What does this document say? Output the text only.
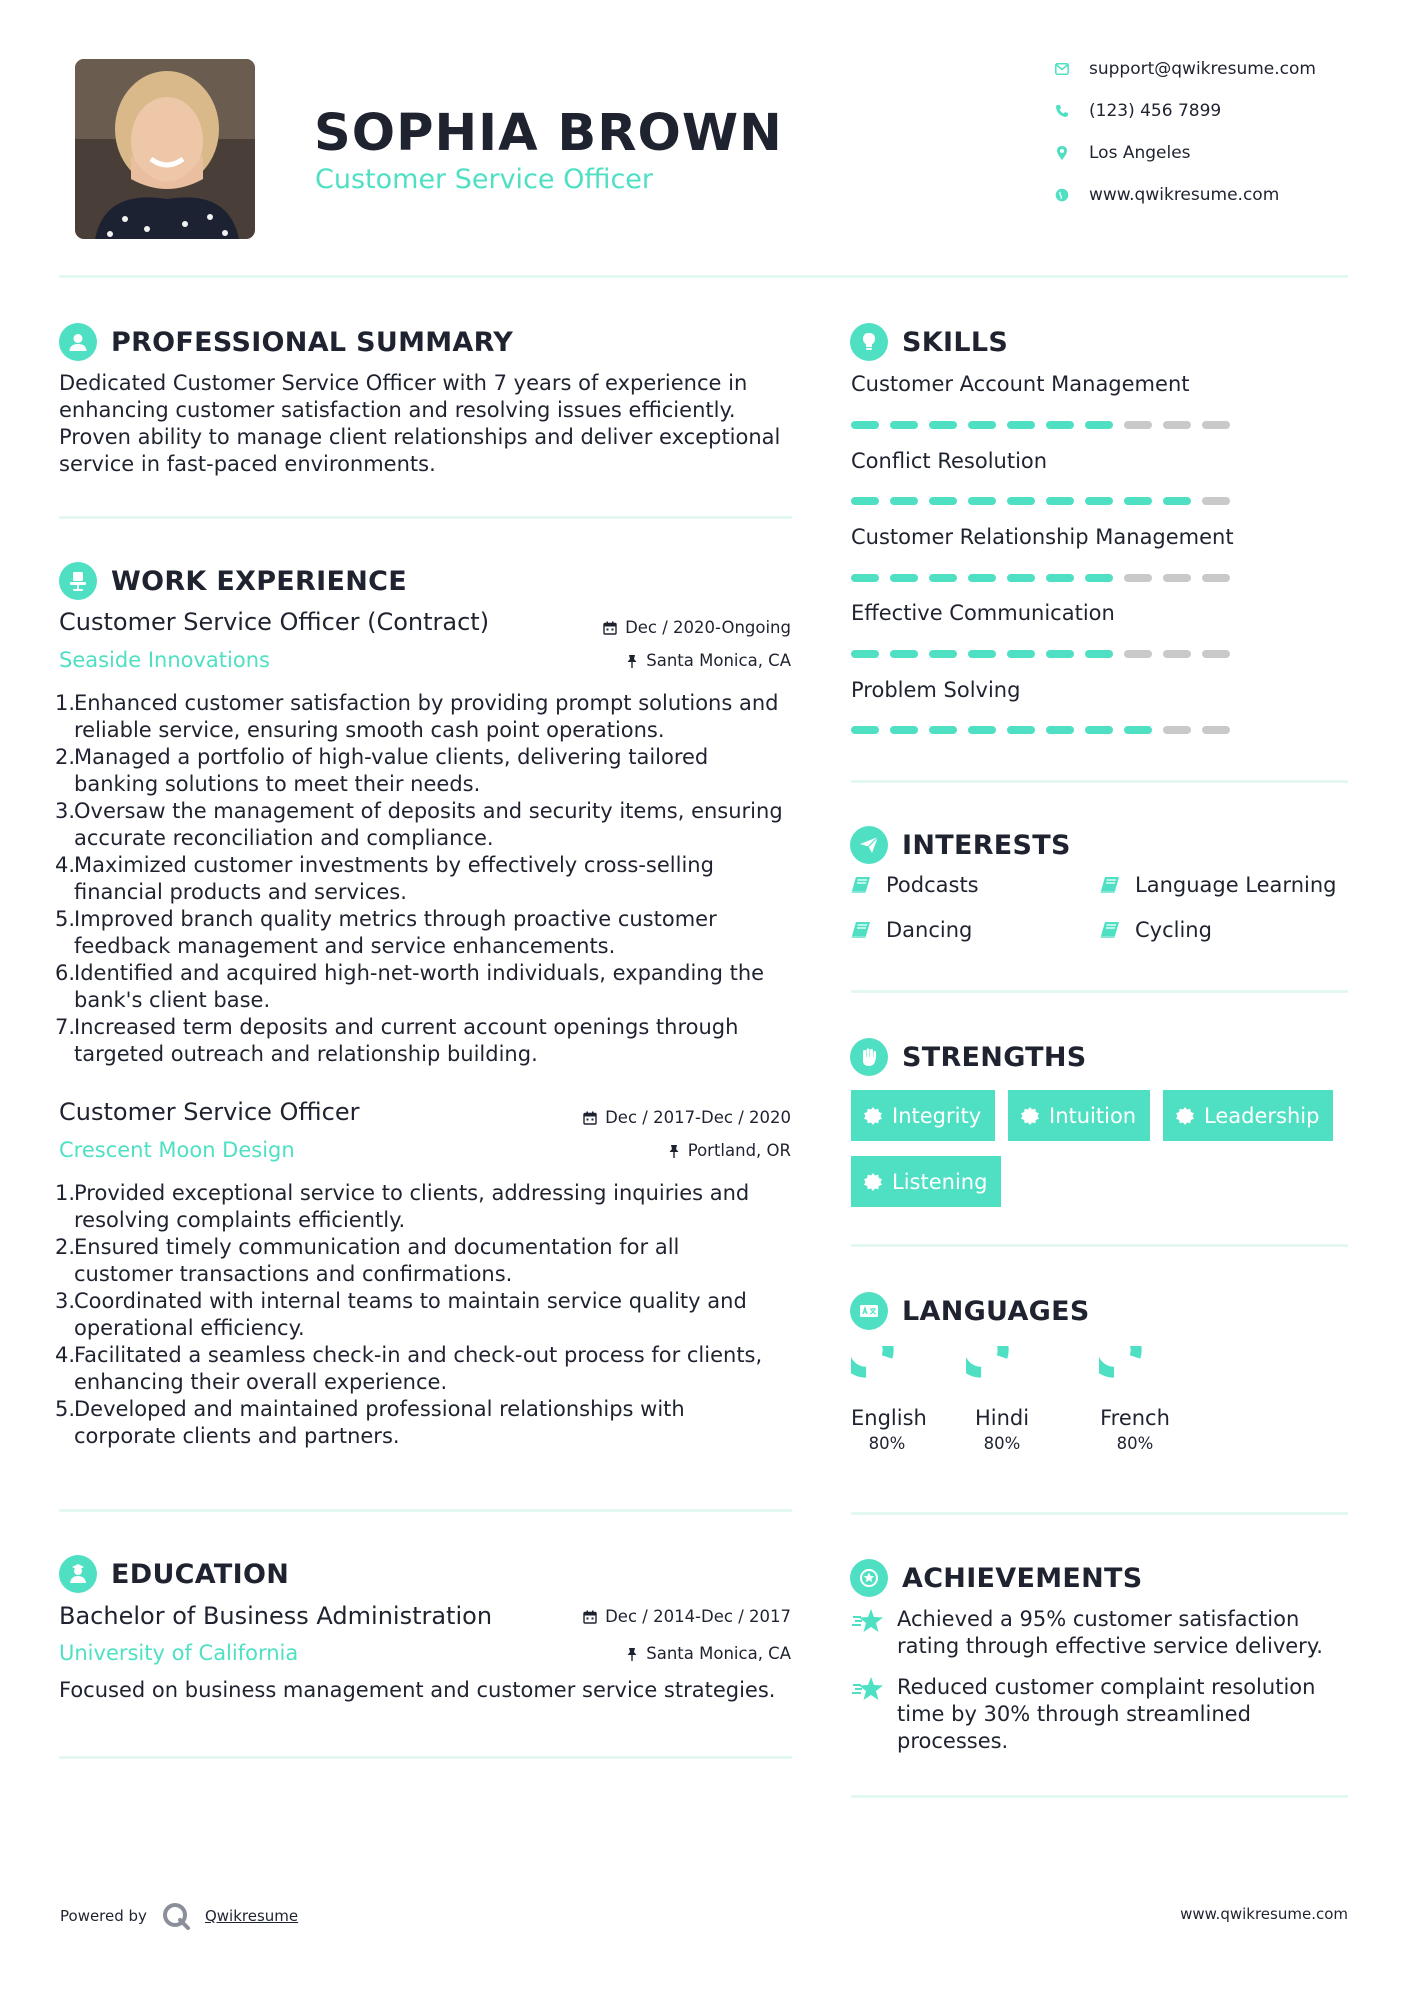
SOPHIA BROWN
Customer Service Officer
support@qwikresume.com
(123) 456 7899
Los Angeles
www.qwikresume.com
PROFESSIONAL SUMMARY
Dedicated Customer Service Officer with 7 years of experience in
enhancing customer satisfaction and resolving issues efficiently.
Proven ability to manage client relationships and deliver exceptional
service in fast-paced environments.
WORK EXPERIENCE
Customer Service Officer (Contract)	Dec / 2020-Ongoing
Seaside Innovations	Santa Monica, CA
1.
Enhanced customer satisfaction by providing prompt solutions and
reliable service, ensuring smooth cash point operations.
2.
Managed a portfolio of high-value clients, delivering tailored
banking solutions to meet their needs.
3.
Oversaw the management of deposits and security items, ensuring
accurate reconciliation and compliance.
4.
Maximized customer investments by effectively cross-selling
financial products and services.
5.
Improved branch quality metrics through proactive customer
feedback management and service enhancements.
6.
Identified and acquired high-net-worth individuals, expanding the
bank's client base.
7.
Increased term deposits and current account openings through
targeted outreach and relationship building.
Customer Service Officer	Dec / 2017-Dec / 2020
Crescent Moon Design	Portland, OR
1.
Provided exceptional service to clients, addressing inquiries and
resolving complaints efficiently.
2.
Ensured timely communication and documentation for all
customer transactions and confirmations.
3.
Coordinated with internal teams to maintain service quality and
operational efficiency.
4.
Facilitated a seamless check-in and check-out process for clients,
enhancing their overall experience.
5.
Developed and maintained professional relationships with
corporate clients and partners.
EDUCATION
Bachelor of Business Administration	Dec / 2014-Dec / 2017
University of California	Santa Monica, CA
Focused on business management and customer service strategies.
SKILLS
Customer Account Management
Conflict Resolution
Customer Relationship Management
Effective Communication
Problem Solving
INTERESTS
Podcasts	Language Learning
Dancing	Cycling
STRENGTHS
Integrity	Intuition	Leadership
Listening
LANGUAGES
English
80%
Hindi
80%
French
80%
ACHIEVEMENTS
Achieved a 95% customer satisfaction
rating through effective service delivery.
Reduced customer complaint resolution
time by 30% through streamlined
processes.
Powered by	Qwikresume	www.qwikresume.com
